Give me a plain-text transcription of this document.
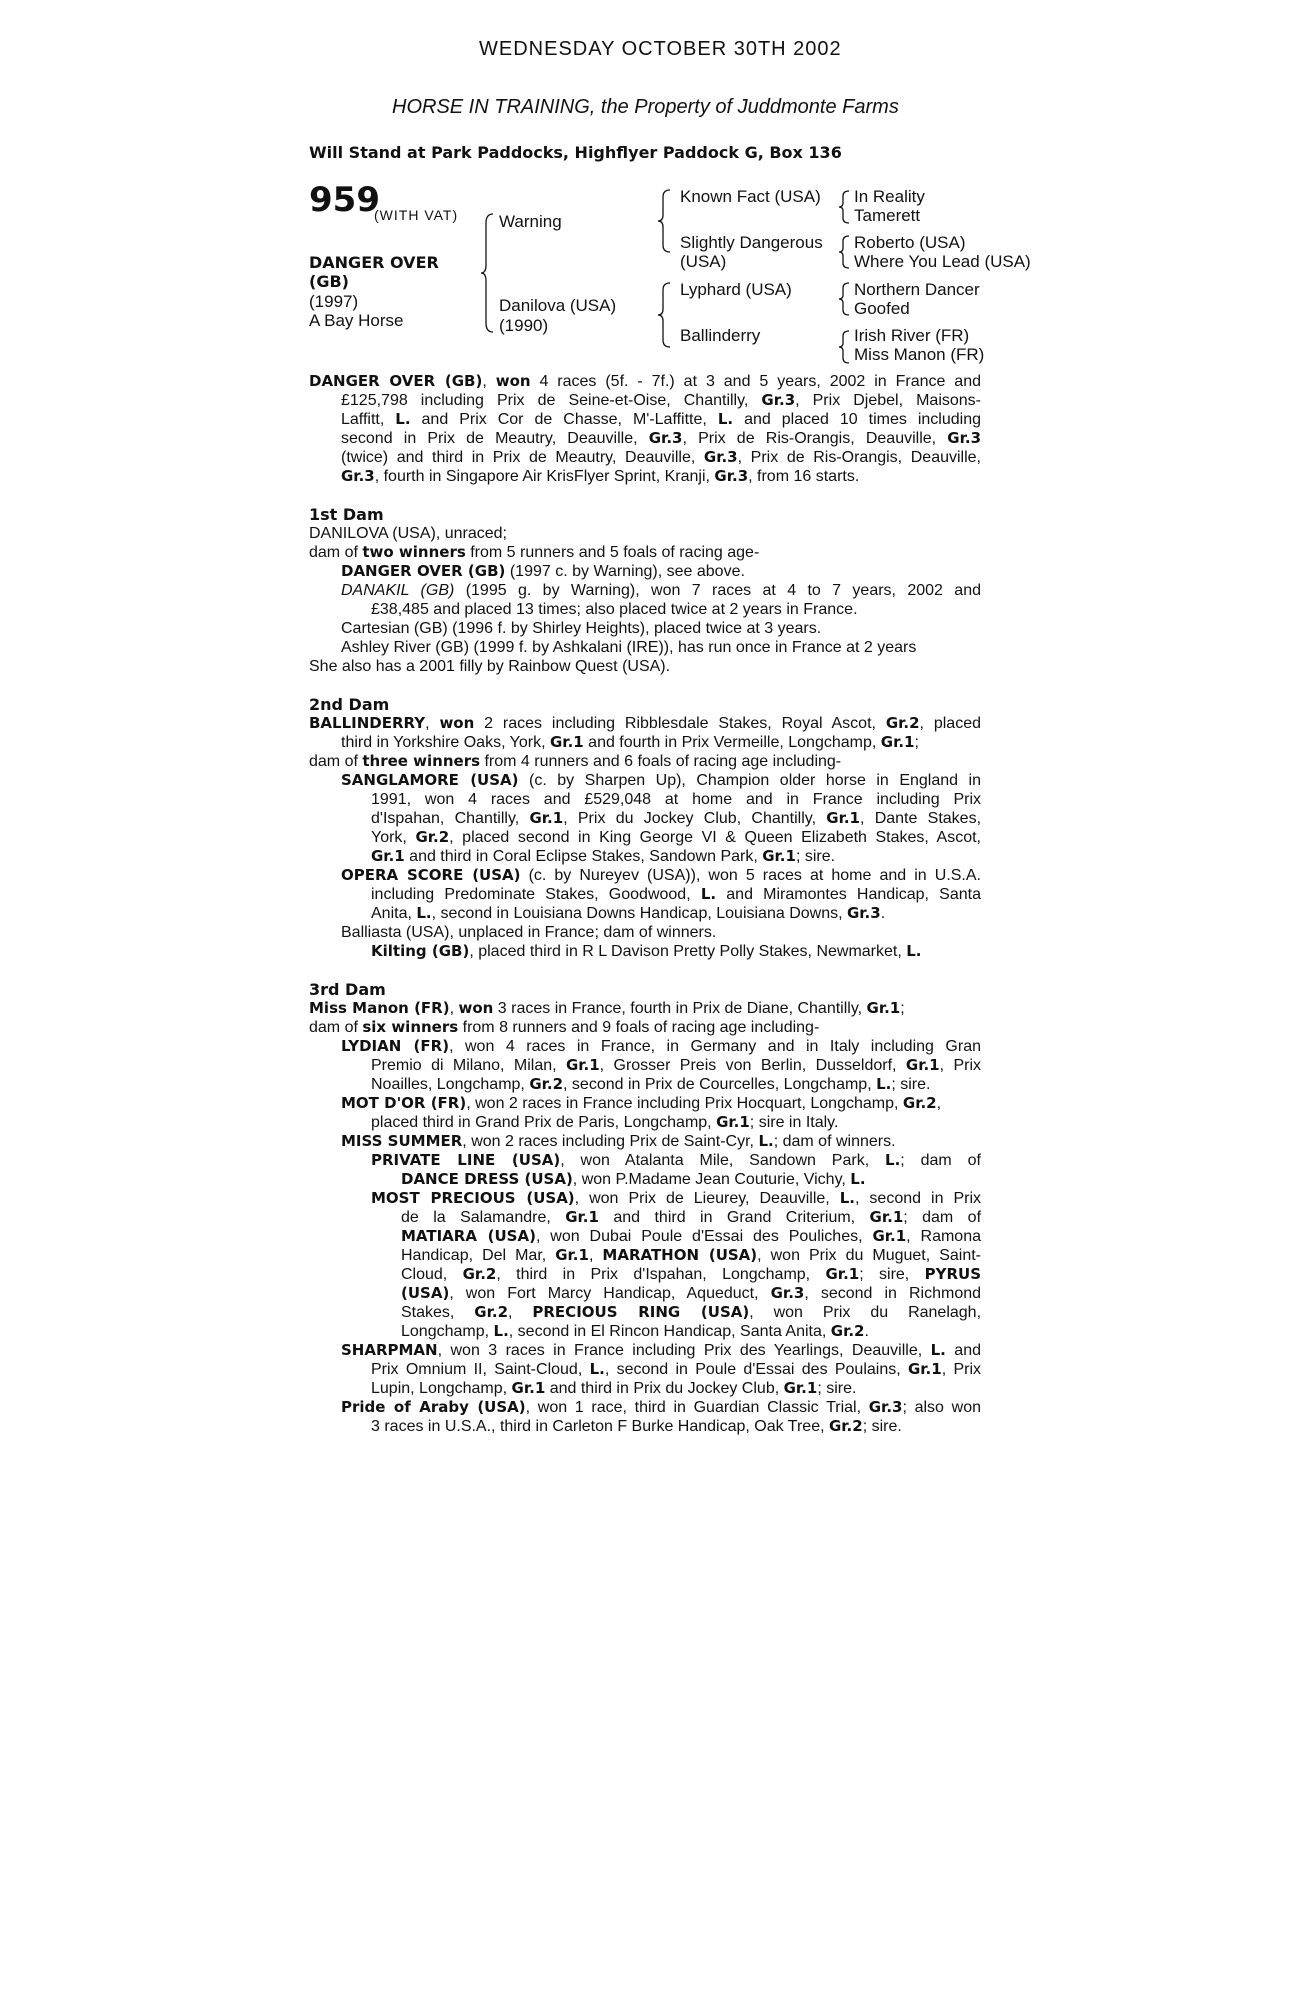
WEDNESDAY OCTOBER 30TH 2002
HORSE IN TRAINING, the Property of Juddmonte Farms
Will Stand at Park Paddocks, Highflyer Paddock G, Box 136
959
(WITH VAT)
DANGER OVER
(GB)
(1997)
A Bay Horse
Warning
Danilova (USA)
(1990)
Known Fact (USA)
Slightly Dangerous
(USA)
Lyphard (USA)
Ballinderry
In Reality
Tamerett
Roberto (USA)
Where You Lead (USA)
Northern Dancer
Goofed
Irish River (FR)
Miss Manon (FR)
DANGER OVER (GB), won 4 races (5f. - 7f.) at 3 and 5 years, 2002 in France and
£125,798 including Prix de Seine-et-Oise, Chantilly, Gr.3, Prix Djebel, Maisons-
Laffitt, L. and Prix Cor de Chasse, M'-Laffitte, L. and placed 10 times including
second in Prix de Meautry, Deauville, Gr.3, Prix de Ris-Orangis, Deauville, Gr.3
(twice) and third in Prix de Meautry, Deauville, Gr.3, Prix de Ris-Orangis, Deauville,
Gr.3, fourth in Singapore Air KrisFlyer Sprint, Kranji, Gr.3, from 16 starts.
1st Dam
DANILOVA (USA), unraced;
dam of two winners from 5 runners and 5 foals of racing age-
DANGER OVER (GB) (1997 c. by Warning), see above.
DANAKIL (GB) (1995 g. by Warning), won 7 races at 4 to 7 years, 2002 and
£38,485 and placed 13 times; also placed twice at 2 years in France.
Cartesian (GB) (1996 f. by Shirley Heights), placed twice at 3 years.
Ashley River (GB) (1999 f. by Ashkalani (IRE)), has run once in France at 2 years
She also has a 2001 filly by Rainbow Quest (USA).
2nd Dam
BALLINDERRY, won 2 races including Ribblesdale Stakes, Royal Ascot, Gr.2, placed
third in Yorkshire Oaks, York, Gr.1 and fourth in Prix Vermeille, Longchamp, Gr.1;
dam of three winners from 4 runners and 6 foals of racing age including-
SANGLAMORE (USA) (c. by Sharpen Up), Champion older horse in England in
1991, won 4 races and £529,048 at home and in France including Prix
d'Ispahan, Chantilly, Gr.1, Prix du Jockey Club, Chantilly, Gr.1, Dante Stakes,
York, Gr.2, placed second in King George VI & Queen Elizabeth Stakes, Ascot,
Gr.1 and third in Coral Eclipse Stakes, Sandown Park, Gr.1; sire.
OPERA SCORE (USA) (c. by Nureyev (USA)), won 5 races at home and in U.S.A.
including Predominate Stakes, Goodwood, L. and Miramontes Handicap, Santa
Anita, L., second in Louisiana Downs Handicap, Louisiana Downs, Gr.3.
Balliasta (USA), unplaced in France; dam of winners.
Kilting (GB), placed third in R L Davison Pretty Polly Stakes, Newmarket, L.
3rd Dam
Miss Manon (FR), won 3 races in France, fourth in Prix de Diane, Chantilly, Gr.1;
dam of six winners from 8 runners and 9 foals of racing age including-
LYDIAN (FR), won 4 races in France, in Germany and in Italy including Gran
Premio di Milano, Milan, Gr.1, Grosser Preis von Berlin, Dusseldorf, Gr.1, Prix
Noailles, Longchamp, Gr.2, second in Prix de Courcelles, Longchamp, L.; sire.
MOT D'OR (FR), won 2 races in France including Prix Hocquart, Longchamp, Gr.2,
placed third in Grand Prix de Paris, Longchamp, Gr.1; sire in Italy.
MISS SUMMER, won 2 races including Prix de Saint-Cyr, L.; dam of winners.
PRIVATE LINE (USA), won Atalanta Mile, Sandown Park, L.; dam of
DANCE DRESS (USA), won P.Madame Jean Couturie, Vichy, L.
MOST PRECIOUS (USA), won Prix de Lieurey, Deauville, L., second in Prix
de la Salamandre, Gr.1 and third in Grand Criterium, Gr.1; dam of
MATIARA (USA), won Dubai Poule d'Essai des Pouliches, Gr.1, Ramona
Handicap, Del Mar, Gr.1, MARATHON (USA), won Prix du Muguet, Saint-
Cloud, Gr.2, third in Prix d'Ispahan, Longchamp, Gr.1; sire, PYRUS
(USA), won Fort Marcy Handicap, Aqueduct, Gr.3, second in Richmond
Stakes, Gr.2, PRECIOUS RING (USA), won Prix du Ranelagh,
Longchamp, L., second in El Rincon Handicap, Santa Anita, Gr.2.
SHARPMAN, won 3 races in France including Prix des Yearlings, Deauville, L. and
Prix Omnium II, Saint-Cloud, L., second in Poule d'Essai des Poulains, Gr.1, Prix
Lupin, Longchamp, Gr.1 and third in Prix du Jockey Club, Gr.1; sire.
Pride of Araby (USA), won 1 race, third in Guardian Classic Trial, Gr.3; also won
3 races in U.S.A., third in Carleton F Burke Handicap, Oak Tree, Gr.2; sire.
